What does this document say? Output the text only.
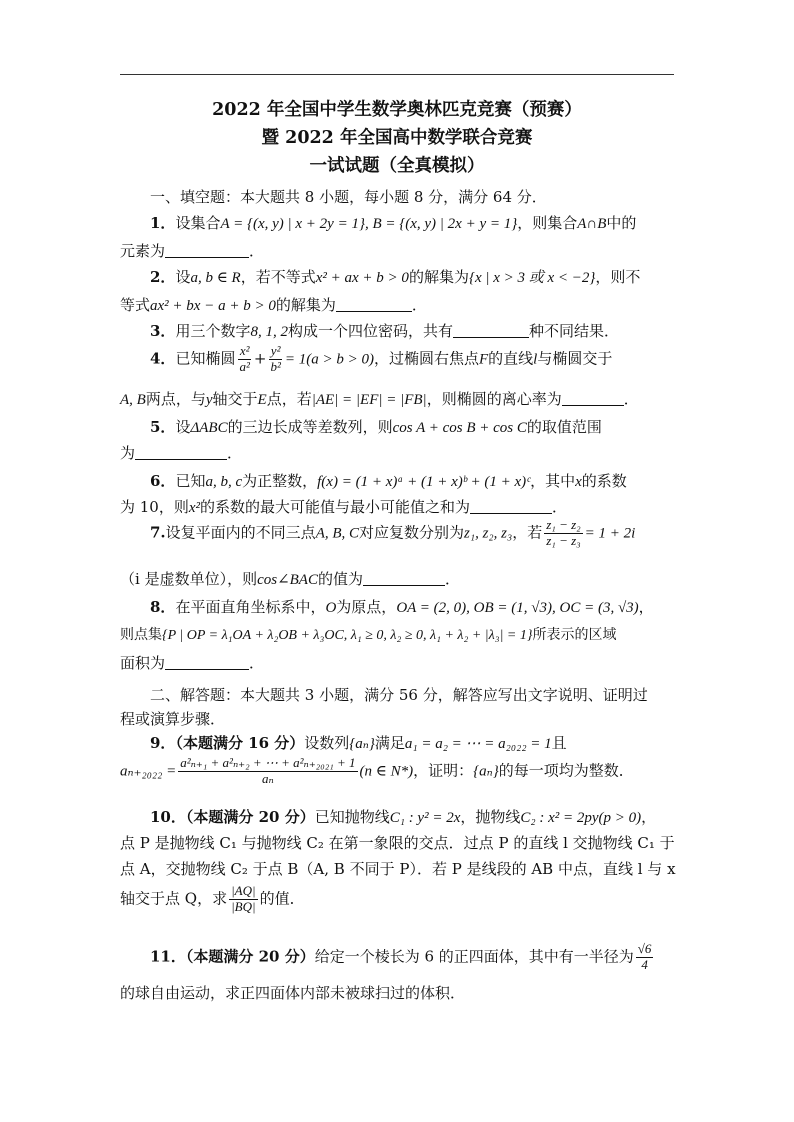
2022 年全国中学生数学奥林匹克竞赛（预赛）
暨 2022 年全国高中数学联合竞赛
一试试题（全真模拟）
一、填空题：本大题共 8 小题，每小题 8 分，满分 64 分．
1．设集合A = {(x, y) | x + 2y = 1}, B = {(x, y) | 2x + y = 1}，则集合A∩B中的
元素为	．
2．设a, b ∈ R，若不等式x² + ax + b > 0的解集为{x | x > 3 或 x < −2}，则不
等式ax² + bx − a + b > 0的解集为	．
3．用三个数字8, 1, 2构成一个四位密码，共有	种不同结果．
4．已知椭圆 $\frac{\text{x²}}{\text{a²}} + \frac{\text{y²}}{\text{b²}} = 1(a > b > 0)$，过椭圆右焦点F的直线l与椭圆交于
A, B两点，与y轴交于E点，若|AE| = |EF| = |FB|，则椭圆的离心率为	．
5．设ΔABC的三边长成等差数列，则cos A + cos B + cos C的取值范围
为	．
6．已知a, b, c为正整数，f(x) = (1 + x)ᵃ + (1 + x)ᵇ + (1 + x)ᶜ，其中x的系数
为 10，则x²的系数的最大可能值与最小可能值之和为	．
7.设复平面内的不同三点A, B, C对应复数分别为z₁, z₂, z₃，若 $\frac{\text{z₁ − z₂}}{\text{z₁ − z₃}} = 1 + 2i$
（i 是虚数单位），则cos∠BAC的值为	．
8．在平面直角坐标系中，O为原点，OA = (2, 0), OB = (1, √3), OC = (3, √3)，
则点集{P | OP = λ₁OA + λ₂OB + λ₃OC, λ₁ ≥ 0, λ₂ ≥ 0, λ₁ + λ₂ + |λ₃| = 1}所表示的区域
面积为	．
二、解答题：本大题共 3 小题，满分 56 分，解答应写出文字说明、证明过
程或演算步骤．
9．（本题满分 16 分）设数列{aₙ}满足a₁ = a₂ = ⋯ = a₂₀₂₂ = 1且
$a_{n+2022} = \frac{\text{a²ₙ₊₁ + a²ₙ₊₂ + ⋯ + a²ₙ₊₂₀₂₁ + 1}}{\text{aₙ}} (n$ ∈ N*)，证明：{aₙ}的每一项均为整数．
10．（本题满分 20 分）已知抛物线C₁ : y² = 2x，抛物线C₂ : x² = 2py(p > 0)，
点 P 是抛物线 C₁ 与抛物线 C₂ 在第一象限的交点．过点 P 的直线 l 交抛物线 C₁ 于
点 A，交抛物线 C₂ 于点 B（A, B 不同于 P）．若 P 是线段的 AB 中点，直线 l 与 x
轴交于点 Q，求 $\frac{|AQ|}{|BQ|}$ 的值．
11．（本题满分 20 分）给定一个棱长为 6 的正四面体，其中有一半径为 $\frac{√6}{4}$
的球自由运动，求正四面体内部未被球扫过的体积．
